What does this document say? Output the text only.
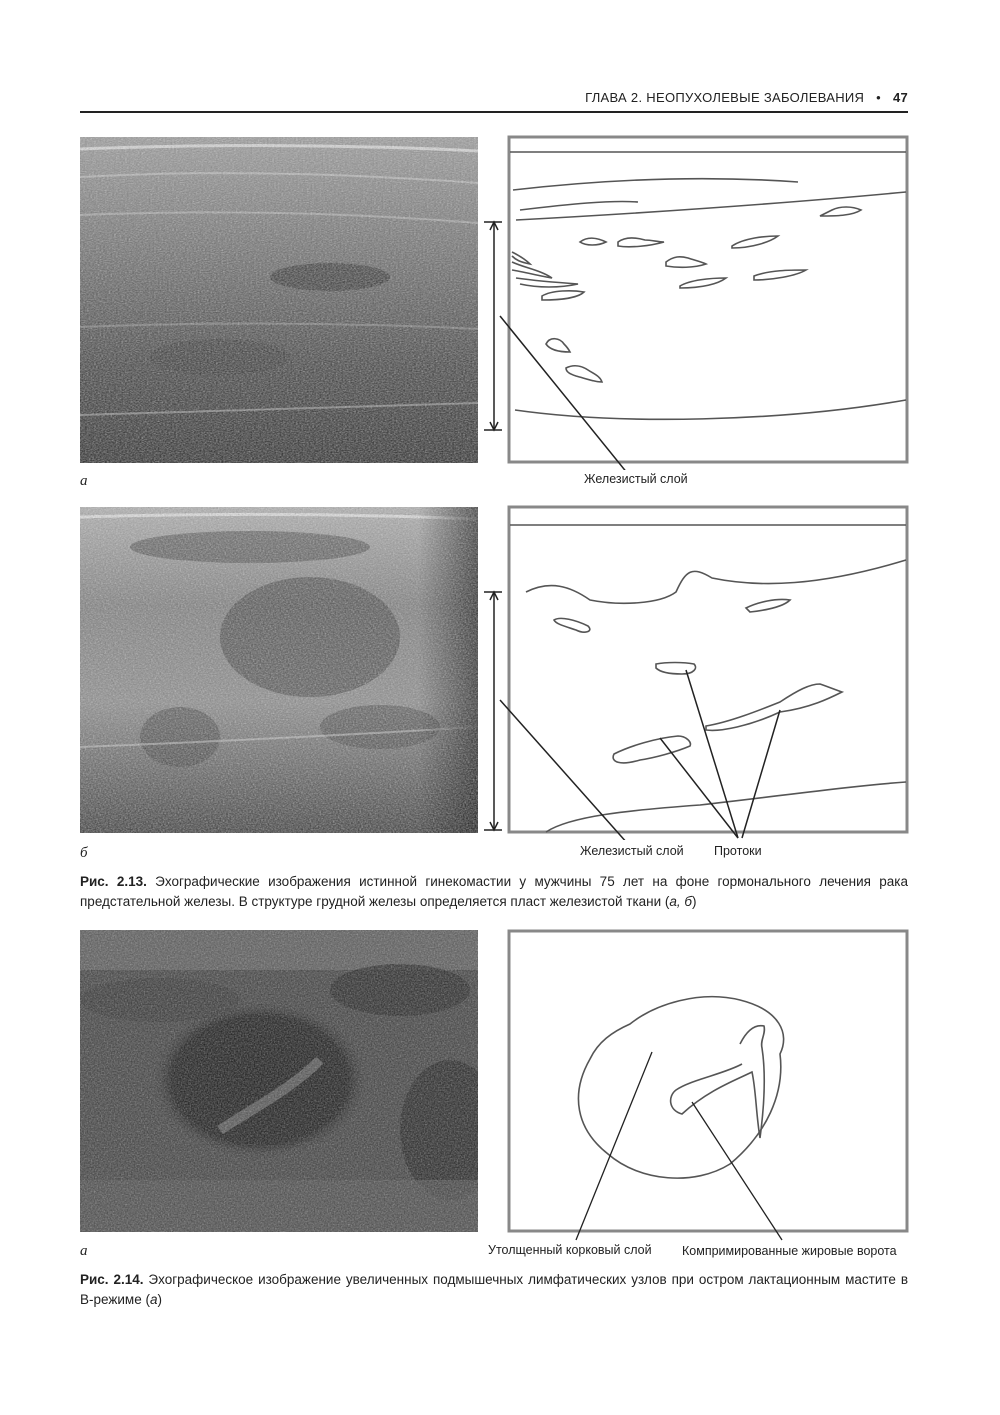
ГЛАВА 2. НЕОПУХОЛЕВЫЕ ЗАБОЛЕВАНИЯ • 47
а	Железистый слой
б	Железистый слой Протоки
Рис. 2.13. Эхографические изображения истинной гинекомастии у мужчины 75 лет на фоне гормонального лечения рака предстательной железы. В структуре грудной железы определяется пласт железистой ткани (а, б)
а	Утолщенный корковый слой Компримированные жировые ворота
Рис. 2.14. Эхографическое изображение увеличенных подмышечных лимфатических узлов при остром лактационным мастите в В-режиме (а)
